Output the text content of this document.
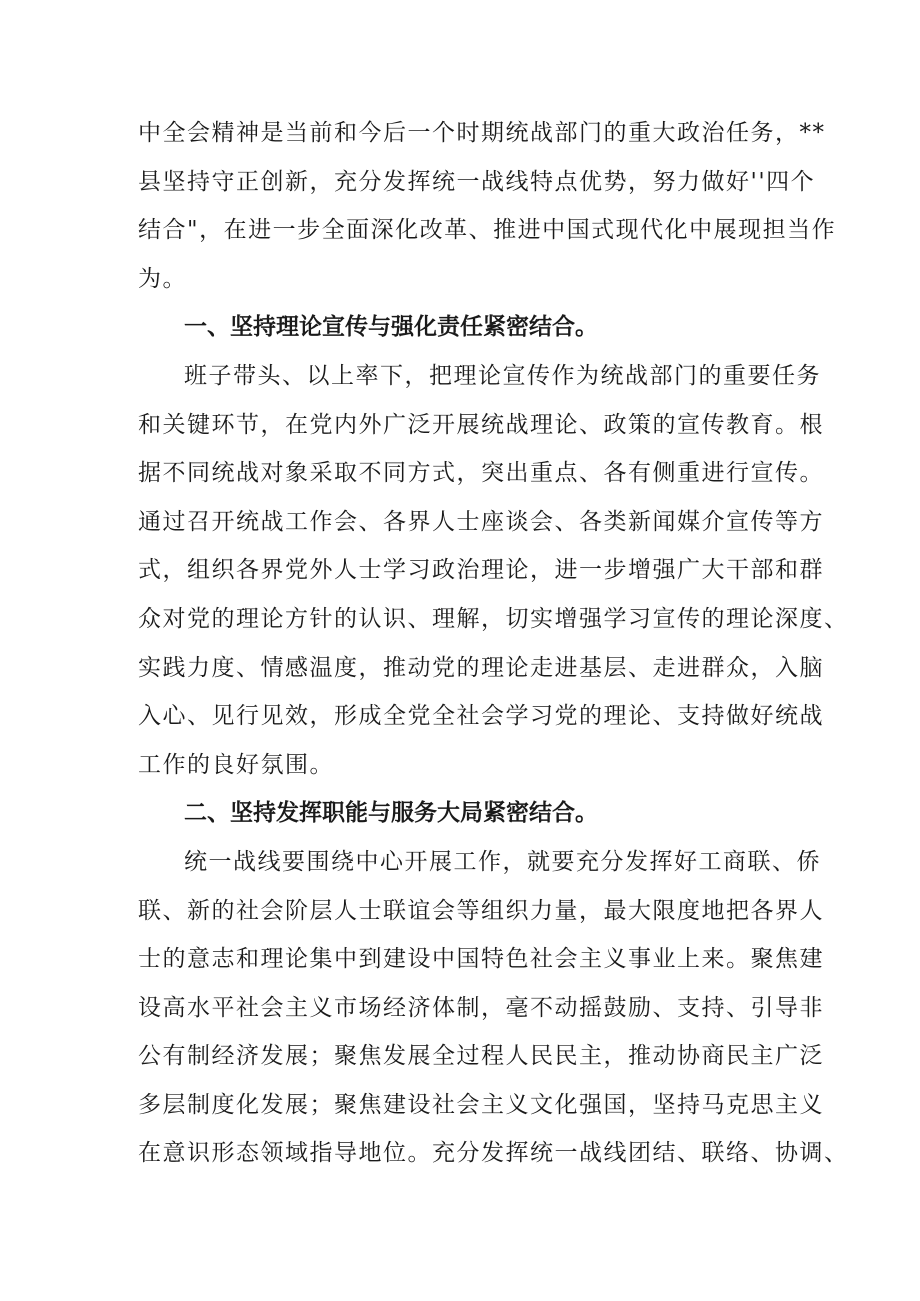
中全会精神是当前和今后一个时期统战部门的重大政治任务，**
县坚持守正创新，充分发挥统一战线特点优势，努力做好''四个
结合"，在进一步全面深化改革、推进中国式现代化中展现担当作
为。
一、坚持理论宣传与强化责任紧密结合。
班子带头、以上率下，把理论宣传作为统战部门的重要任务
和关键环节，在党内外广泛开展统战理论、政策的宣传教育。根
据不同统战对象采取不同方式，突出重点、各有侧重进行宣传。
通过召开统战工作会、各界人士座谈会、各类新闻媒介宣传等方
式，组织各界党外人士学习政治理论，进一步增强广大干部和群
众对党的理论方针的认识、理解，切实增强学习宣传的理论深度、
实践力度、情感温度，推动党的理论走进基层、走进群众，入脑
入心、见行见效，形成全党全社会学习党的理论、支持做好统战
工作的良好氛围。
二、坚持发挥职能与服务大局紧密结合。
统一战线要围绕中心开展工作，就要充分发挥好工商联、侨
联、新的社会阶层人士联谊会等组织力量，最大限度地把各界人
士的意志和理论集中到建设中国特色社会主义事业上来。聚焦建
设高水平社会主义市场经济体制，毫不动摇鼓励、支持、引导非
公有制经济发展；聚焦发展全过程人民民主，推动协商民主广泛
多层制度化发展；聚焦建设社会主义文化强国，坚持马克思主义
在意识形态领域指导地位。充分发挥统一战线团结、联络、协调、
